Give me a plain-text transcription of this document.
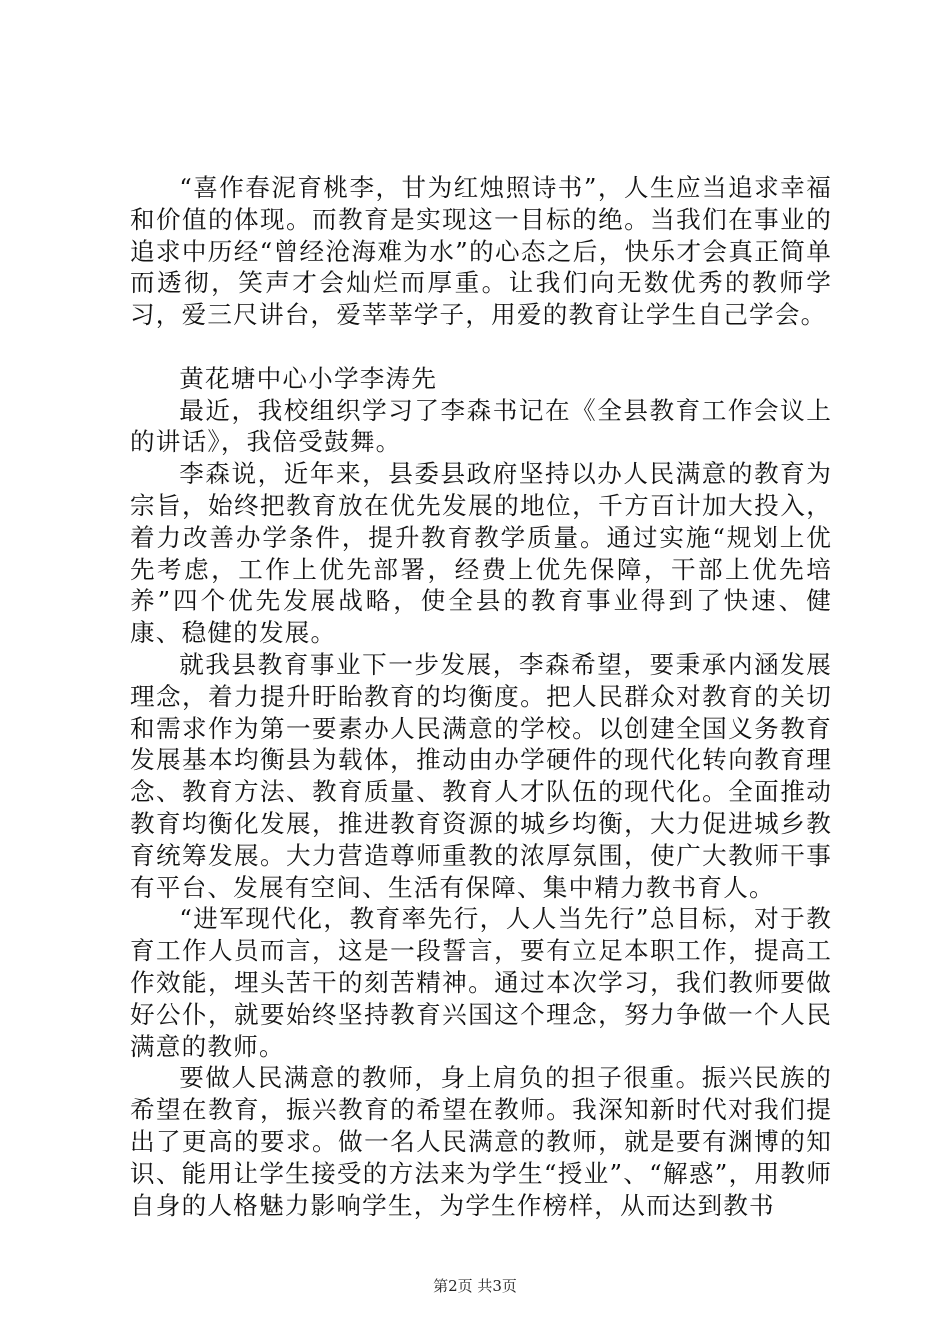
“喜作春泥育桃李，甘为红烛照诗书”，人生应当追求幸福和价值的体现。而教育是实现这一目标的绝。当我们在事业的追求中历经“曾经沧海难为水”的心态之后，快乐才会真正简单而透彻，笑声才会灿烂而厚重。让我们向无数优秀的教师学习，爱三尺讲台，爱莘莘学子，用爱的教育让学生自己学会。

黄花塘中心小学李涛先

最近，我校组织学习了李森书记在《全县教育工作会议上的讲话》，我倍受鼓舞。

李森说，近年来，县委县政府坚持以办人民满意的教育为宗旨，始终把教育放在优先发展的地位，千方百计加大投入，着力改善办学条件，提升教育教学质量。通过实施“规划上优先考虑，工作上优先部署，经费上优先保障，干部上优先培养”四个优先发展战略，使全县的教育事业得到了快速、健康、稳健的发展。

就我县教育事业下一步发展，李森希望，要秉承内涵发展理念，着力提升盱眙教育的均衡度。把人民群众对教育的关切和需求作为第一要素办人民满意的学校。以创建全国义务教育发展基本均衡县为载体，推动由办学硬件的现代化转向教育理念、教育方法、教育质量、教育人才队伍的现代化。全面推动教育均衡化发展，推进教育资源的城乡均衡，大力促进城乡教育统筹发展。大力营造尊师重教的浓厚氛围，使广大教师干事有平台、发展有空间、生活有保障、集中精力教书育人。

“进军现代化，教育率先行，人人当先行”总目标，对于教育工作人员而言，这是一段誓言，要有立足本职工作，提高工作效能，埋头苦干的刻苦精神。通过本次学习，我们教师要做好公仆，就要始终坚持教育兴国这个理念，努力争做一个人民满意的教师。

要做人民满意的教师，身上肩负的担子很重。振兴民族的希望在教育，振兴教育的希望在教师。我深知新时代对我们提出了更高的要求。做一名人民满意的教师，就是要有渊博的知识、能用让学生接受的方法来为学生“授业”、“解惑”，用教师自身的人格魅力影响学生，为学生作榜样，从而达到教书

第2页 共3页
